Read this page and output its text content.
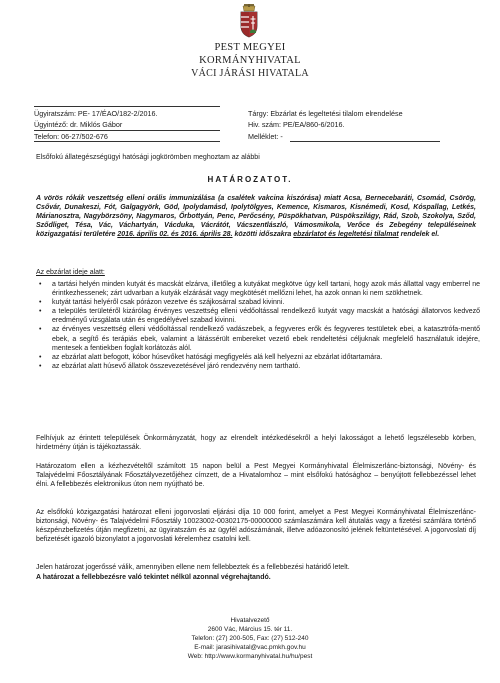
PEST MEGYEI
KORMÁNYHIVATAL
VÁCI JÁRÁSI HIVATALA
Ügyiratszám: PE- 17/ÉAO/182-2/2016.
Ügyintéző: dr. Miklós Gábor
Telefon: 06-27/502-676
Tárgy: Ebzárlat és legeltetési tilalom elrendelése
Hiv. szám: PE/EA/860-6/2016.
Melléklet: -
Elsőfokú állategészségügyi hatósági jogkörömben meghoztam az alábbi
HATÁROZATOT.
A vörös rókák veszettség elleni orális immunizálása (a csalétek vakcina kiszórása) miatt Acsa, Bernecebaráti, Csomád, Csörög, Csővár, Dunakeszi, Fót, Galgagyörk, Göd, Ipolydamásd, Ipolytölgyes, Kemence, Kismaros, Kisnémedi, Kosd, Kóspallag, Letkés, Márianosztra, Nagybörzsöny, Nagymaros, Őrbottyán, Penc, Perőcsény, Püspökhatvan, Püspökszilágy, Rád, Szob, Szokolya, Sződ, Sződliget, Tésa, Vác, Váchartyán, Vácduka, Vácrátót, Vácszentlászló, Vámosmikola, Verőce és Zebegény településeinek közigazgatási területére 2016. április 02. és 2016. április 28. közötti időszakra ebzárlatot és legeltetési tilalmat rendelek el.
Az ebzárlat ideje alatt:
• a tartási helyén minden kutyát és macskát elzárva, illetőleg a kutyákat megkötve úgy kell tartani, hogy azok más állattal vagy emberrel ne érintkezhessenek; zárt udvarban a kutyák elzárását vagy megkötését mellőzni lehet, ha azok onnan ki nem szökhetnek.
• kutyát tartási helyéről csak pórázon vezetve és szájkosárral szabad kivinni.
• a település területéről kizárólag érvényes veszettség elleni védőoltással rendelkező kutyát vagy macskát a hatósági állatorvos kedvező eredményű vizsgálata után és engedélyével szabad kivinni.
• az érvényes veszettség elleni védőoltással rendelkező vadászebek, a fegyveres erők és fegyveres testületek ebei, a katasztrófa-mentő ebek, a segítő és terápiás ebek, valamint a látássérült embereket vezető ebek rendeltetési céljuknak megfelelő használatuk idejére, mentesek a fentiekben foglalt korlátozás alól.
• az ebzárlat alatt befogott, kóbor húsevőket hatósági megfigyelés alá kell helyezni az ebzárlat időtartamára.
• az ebzárlat alatt húsevő állatok összevezetésével járó rendezvény nem tartható.
Felhívjuk az érintett települések Önkormányzatát, hogy az elrendelt intézkedésekről a helyi lakosságot a lehető legszélesebb körben, hirdetmény útján is tájékoztassák.
Határozatom ellen a kézhezvételtől számított 15 napon belül a Pest Megyei Kormányhivatal Élelmiszerlánc-biztonsági, Növény- és Talajvédelmi Főosztályának Főosztályvezetőjéhez címzett, de a Hivatalomhoz – mint elsőfokú hatósághoz – benyújtott fellebbezéssel lehet élni. A fellebbezés elektronikus úton nem nyújtható be.
Az elsőfokú közigazgatási határozat elleni jogorvoslati eljárási díja 10 000 forint, amelyet a Pest Megyei Kormányhivatal Élelmiszerlánc-biztonsági, Növény- és Talajvédelmi Főosztály 10023002-00302175-00000000 számlaszámára kell átutalás vagy a fizetési számlára történő készpénzbefizetés útján megfizetni, az ügyiratszám és az ügyfél adószámának, illetve adóazonosító jelének feltüntetésével. A jogorvoslati díj befizetését igazoló bizonylatot a jogorvoslati kérelemhez csatolni kell.
Jelen határozat jogerőssé válik, amennyiben ellene nem fellebbeztek és a fellebbezési határidő letelt.
A határozat a fellebbezésre való tekintet nélkül azonnal végrehajtandó.
Hivatalvezető
2600 Vác, Március 15. tér 11.
Telefon: (27) 200-505, Fax: (27) 512-240
E-mail: jarasihivatal@vac.pmkh.gov.hu
Web: http://www.kormanyhivatal.hu/hu/pest
